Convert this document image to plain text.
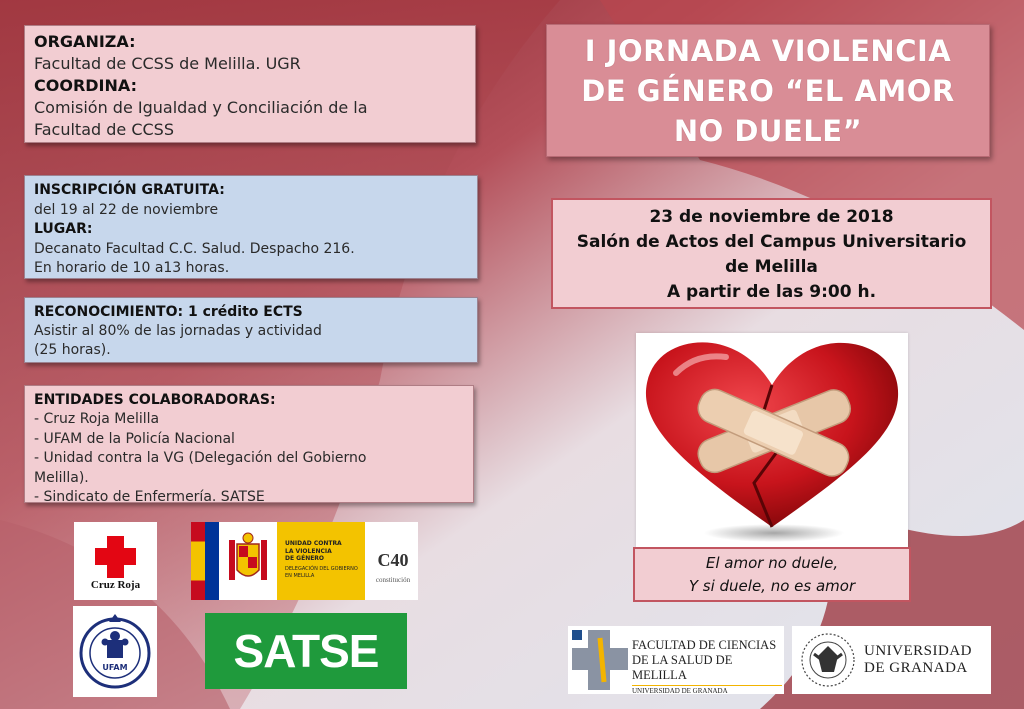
ORGANIZA:
Facultad de CCSS de Melilla. UGR
COORDINA:
Comisión de Igualdad y Conciliación de la
Facultad de CCSS
INSCRIPCIÓN GRATUITA:
del 19 al 22 de noviembre
LUGAR:
Decanato Facultad C.C. Salud. Despacho 216.
En horario de 10 a13 horas.
RECONOCIMIENTO: 1 crédito ECTS
Asistir al 80% de las jornadas y actividad
(25 horas).
ENTIDADES COLABORADORAS:
- Cruz Roja Melilla
- UFAM de la Policía Nacional
- Unidad contra la VG (Delegación del Gobierno
Melilla).
- Sindicato de Enfermería. SATSE
I JORNADA VIOLENCIA
DE GÉNERO “EL AMOR
NO DUELE”
23 de noviembre de 2018
Salón de Actos del Campus Universitario
de Melilla
A partir de las 9:00 h.
El amor no duele,
Y si duele, no es amor
Cruz Roja
UNIDAD CONTRA
LA VIOLENCIA
DE GÉNERO
DELEGACIÓN DEL GOBIERNO
EN MELILLA
C40
constitución
UFAM	SATSE	FACULTAD DE CIENCIAS
DE LA SALUD DE MELILLA
UNIVERSIDAD DE GRANADA
UNIVERSIDAD
DE GRANADA
